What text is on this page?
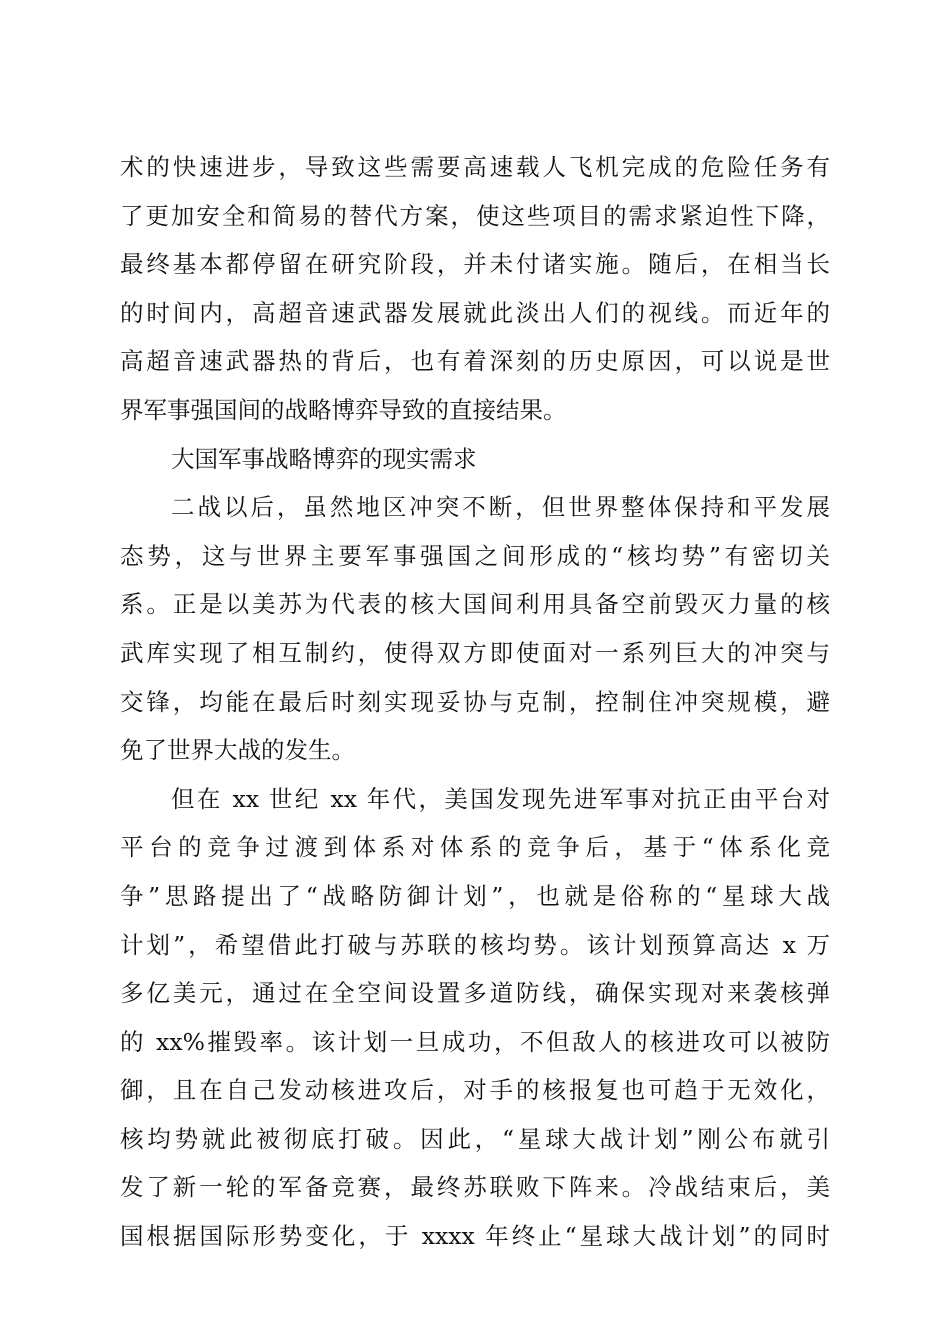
术的快速进步，导致这些需要高速载人飞机完成的危险任务有
了更加安全和简易的替代方案，使这些项目的需求紧迫性下降，
最终基本都停留在研究阶段，并未付诸实施。随后，在相当长
的时间内，高超音速武器发展就此淡出人们的视线。而近年的
高超音速武器热的背后，也有着深刻的历史原因，可以说是世
界军事强国间的战略博弈导致的直接结果。
大国军事战略博弈的现实需求
二战以后，虽然地区冲突不断，但世界整体保持和平发展
态势，这与世界主要军事强国之间形成的“核均势”有密切关
系。正是以美苏为代表的核大国间利用具备空前毁灭力量的核
武库实现了相互制约，使得双方即使面对一系列巨大的冲突与
交锋，均能在最后时刻实现妥协与克制，控制住冲突规模，避
免了世界大战的发生。
但在 xx 世纪 xx 年代，美国发现先进军事对抗正由平台对
平台的竞争过渡到体系对体系的竞争后，基于“体系化竞
争”思路提出了“战略防御计划”，也就是俗称的“星球大战
计划”，希望借此打破与苏联的核均势。该计划预算高达 x 万
多亿美元，通过在全空间设置多道防线，确保实现对来袭核弹
的 xx%摧毁率。该计划一旦成功，不但敌人的核进攻可以被防
御，且在自己发动核进攻后，对手的核报复也可趋于无效化，
核均势就此被彻底打破。因此，“星球大战计划”刚公布就引
发了新一轮的军备竞赛，最终苏联败下阵来。冷战结束后，美
国根据国际形势变化，于 xxxx 年终止“星球大战计划”的同时
